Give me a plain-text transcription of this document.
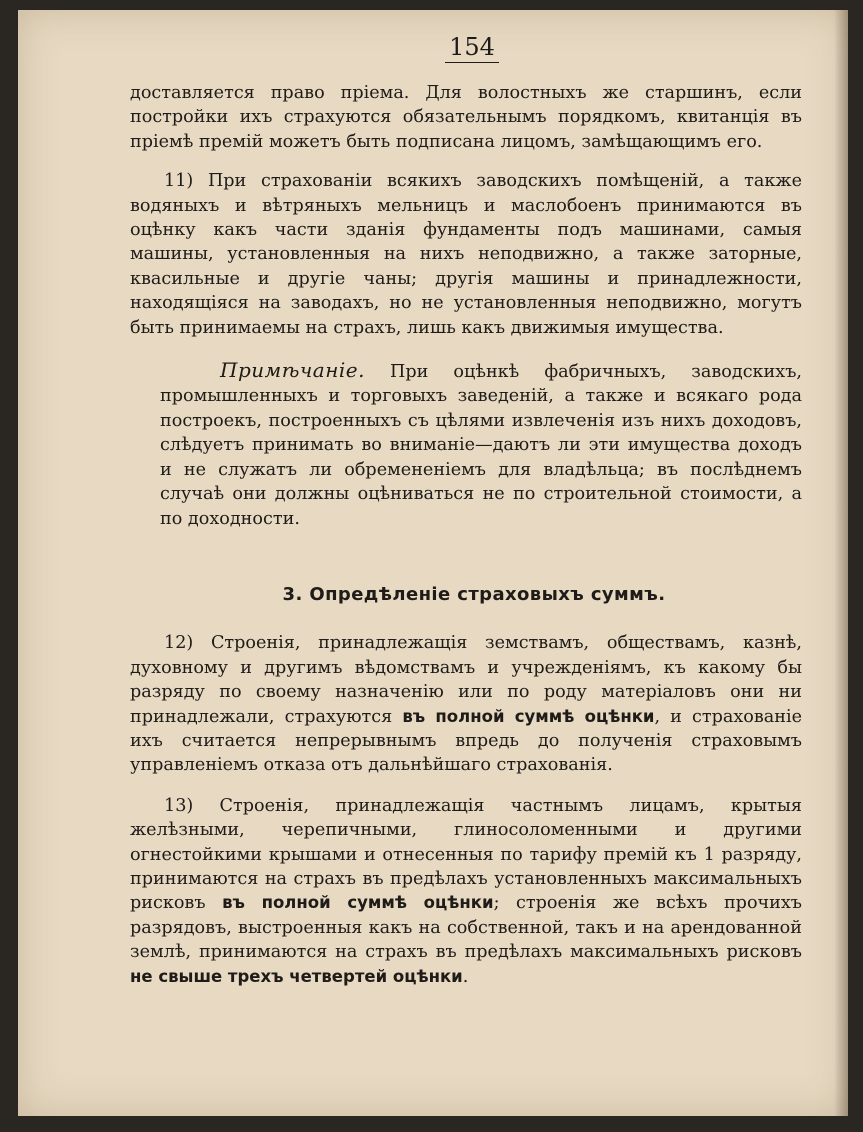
154

доставляется право прiема. Для волостныхъ же старшинъ, если постройки ихъ страхуются обязательнымъ порядкомъ, квитанцiя въ прiемѣ премiй можетъ быть подписана лицомъ, замѣщающимъ его.

11) При страхованiи всякихъ заводскихъ помѣщенiй, а также водяныхъ и вѣтряныхъ мельницъ и маслобоенъ принимаются въ оцѣнку какъ части зданiя фундаменты подъ машинами, самыя машины, установленныя на нихъ неподвижно, а также заторные, квасильные и другiе чаны; другiя машины и принадлежности, находящiяся на заводахъ, но не установленныя неподвижно, могутъ быть принимаемы на страхъ, лишь какъ движимыя имущества.

Примѣчанiе. При оцѣнкѣ фабричныхъ, заводскихъ, промышленныхъ и торговыхъ заведенiй, а также и всякаго рода построекъ, построенныхъ съ цѣлями извлеченiя изъ нихъ доходовъ, слѣдуетъ принимать во вниманiе—даютъ ли эти имущества доходъ и не служатъ ли обремененiемъ для владѣльца; въ послѣднемъ случаѣ они должны оцѣниваться не по строительной стоимости, а по доходности.

3. Опредѣленiе страховыхъ суммъ.

12) Строенiя, принадлежащiя земствамъ, обществамъ, казнѣ, духовному и другимъ вѣдомствамъ и учрежденiямъ, къ какому бы разряду по своему назначенiю или по роду матерiаловъ они ни принадлежали, страхуются въ полной суммѣ оцѣнки, и страхованiе ихъ считается непрерывнымъ впредь до полученiя страховымъ управленiемъ отказа отъ дальнѣйшаго страхованiя.

13) Строенiя, принадлежащiя частнымъ лицамъ, крытыя желѣзными, черепичными, глиносоломенными и другими огнестойкими крышами и отнесенныя по тарифу премiй къ 1 разряду, принимаются на страхъ въ предѣлахъ установленныхъ максимальныхъ рисковъ въ полной суммѣ оцѣнки; строенiя же всѣхъ прочихъ разрядовъ, выстроенныя какъ на собственной, такъ и на арендованной землѣ, принимаются на страхъ въ предѣлахъ максимальныхъ рисковъ не свыше трехъ четвертей оцѣнки.
